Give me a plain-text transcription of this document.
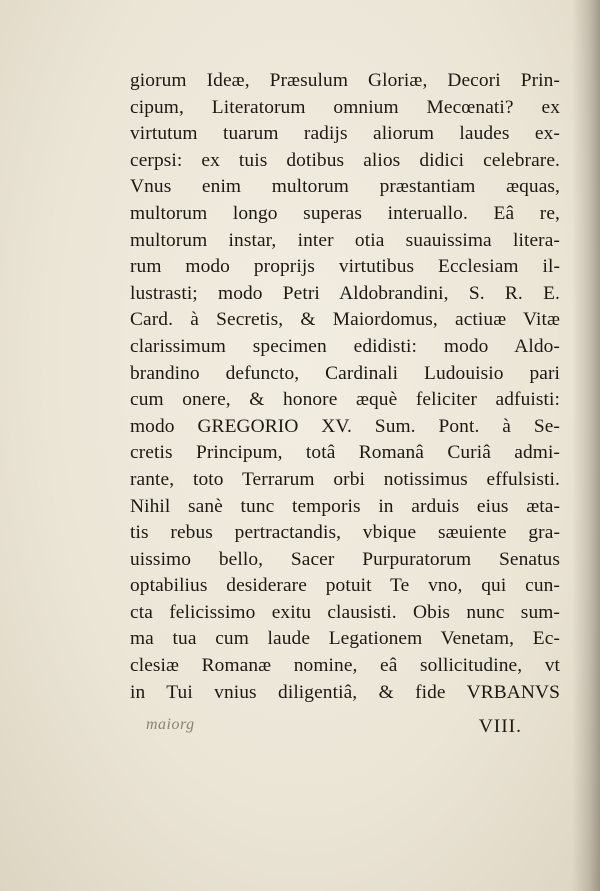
giorum Ideæ, Præsulum Gloriæ, Decori Prin-
cipum, Literatorum omnium Mecœnati? ex
virtutum tuarum radijs aliorum laudes ex-
cerpsi: ex tuis dotibus alios didici celebrare.
Vnus enim multorum præstantiam æquas,
multorum longo superas interuallo. Eâ re,
multorum instar, inter otia suauissima litera-
rum modo proprijs virtutibus Ecclesiam il-
lustrasti; modo Petri Aldobrandini, S. R. E.
Card. à Secretis, & Maiordomus, actiuæ Vitæ
clarissimum specimen edidisti: modo Aldo-
brandino defuncto, Cardinali Ludouisio pari
cum onere, & honore æquè feliciter adfuisti:
modo GREGORIO XV. Sum. Pont. à Se-
cretis Principum, totâ Romanâ Curiâ admi-
rante, toto Terrarum orbi notissimus effulsisti.
Nihil sanè tunc temporis in arduis eius æta-
tis rebus pertractandis, vbique sæuiente gra-
uissimo bello, Sacer Purpuratorum Senatus
optabilius desiderare potuit Te vno, qui cun-
cta felicissimo exitu clausisti. Obis nunc sum-
ma tua cum laude Legationem Venetam, Ec-
clesiæ Romanæ nomine, eâ sollicitudine, vt
in Tui vnius diligentiâ, & fide VRBANVS
maiorg	VIII.
